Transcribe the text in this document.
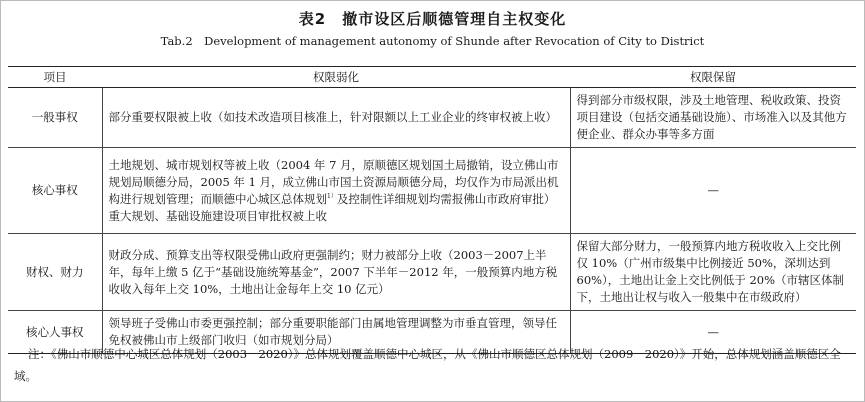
表2　撤市设区后顺德管理自主权变化
Tab.2　Development of management autonomy of Shunde after Revocation of City to District
项目	权限弱化	权限保留
一般事权	部分重要权限被上收（如技术改造项目核准上，针对限额以上工业企业的终审权被上收）	得到部分市级权限，涉及土地管理、税收政策、投资项目建设（包括交通基础设施）、市场准入以及其他方便企业、群众办事等多方面

核心事权	土地规划、城市规划权等被上收（2004 年 7 月，原顺德区规划国土局撤销，设立佛山市规划局顺德分局，2005 年 1 月，成立佛山市国土资源局顺德分局，均仅作为市局派出机构进行规划管理；而顺德中心城区总体规划$^{1)}$及控制性详细规划均需报佛山市政府审批）
重大规划、基础设施建设项目审批权被上收	—

财权、财力	财政分成、预算支出等权限受佛山政府更强制约；财力被部分上收（2003－2007上半年，每年上缴 5 亿于“基础设施统筹基金”，2007 下半年－2012 年，一般预算内地方税收收入每年上交 10%，土地出让金每年上交 10 亿元）	保留大部分财力，一般预算内地方税收收入上交比例仅 10%（广州市级集中比例接近 50%，深圳达到 60%），土地出让金上交比例低于 20%（市辖区体制下，土地出让权与收入一般集中在市级政府）

核心人事权	领导班子受佛山市委更强控制；部分重要职能部门由属地管理调整为市垂直管理，领导任免权被佛山市上级部门收归（如市规划分局）	—
注：《佛山市顺德中心城区总体规划（2003－2020）》总体规划覆盖顺德中心城区，从《佛山市顺德区总体规划（2009－2020）》开始，总体规划涵盖顺德区全域。
